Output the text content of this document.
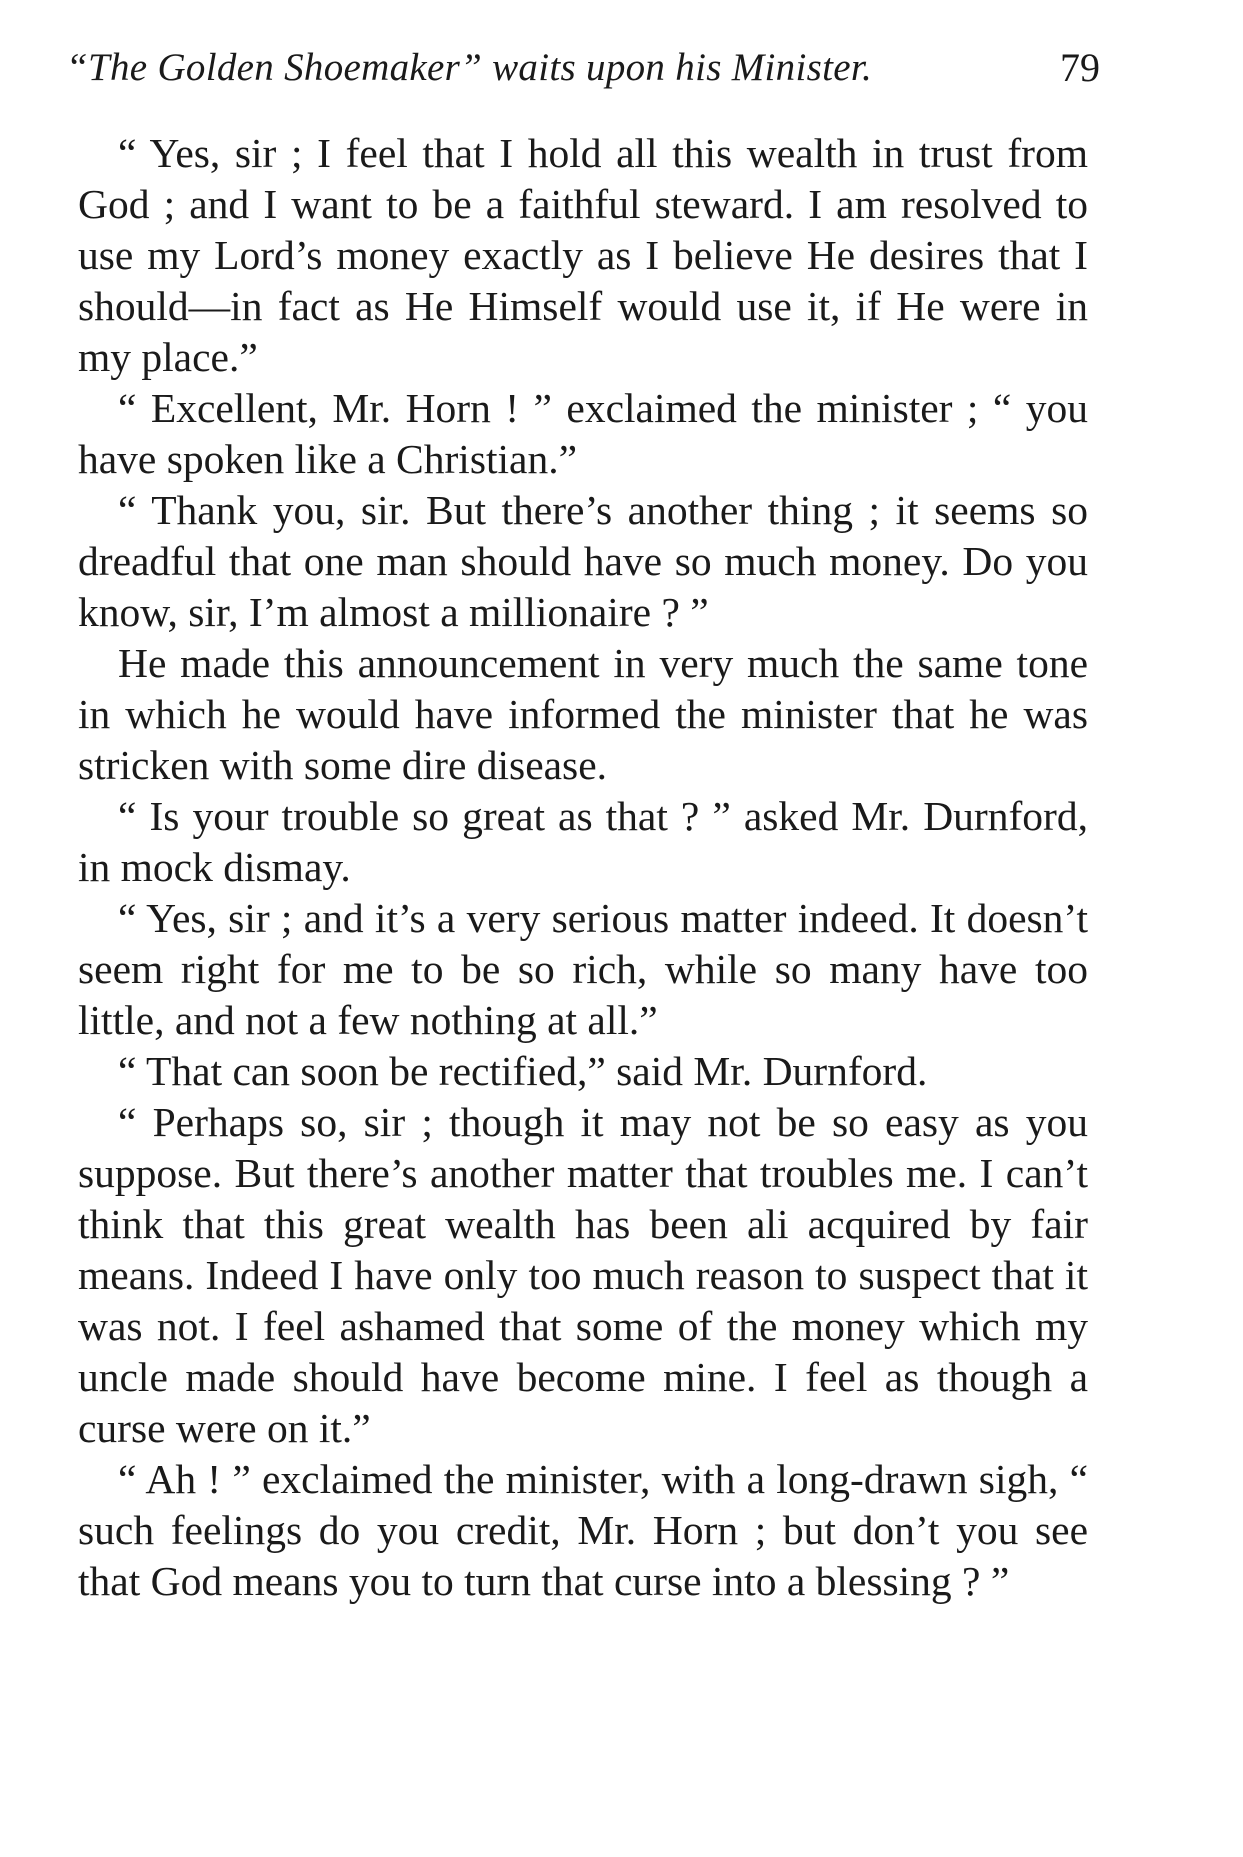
“The Golden Shoemaker” waits upon his Minister.	79

“ Yes, sir ; I feel that I hold all this wealth in trust from God ; and I want to be a faithful steward. I am resolved to use my Lord’s money exactly as I believe He desires that I should—in fact as He Himself would use it, if He were in my place.”

“ Excellent, Mr. Horn ! ” exclaimed the minister ; “ you have spoken like a Christian.”

“ Thank you, sir. But there’s another thing ; it seems so dreadful that one man should have so much money. Do you know, sir, I’m almost a millionaire ? ”

He made this announcement in very much the same tone in which he would have informed the minister that he was stricken with some dire disease.

“ Is your trouble so great as that ? ” asked Mr. Durnford, in mock dismay.

“ Yes, sir ; and it’s a very serious matter indeed. It doesn’t seem right for me to be so rich, while so many have too little, and not a few nothing at all.”

“ That can soon be rectified,” said Mr. Durnford.

“ Perhaps so, sir ; though it may not be so easy as you suppose. But there’s another matter that troubles me. I can’t think that this great wealth has been ali acquired by fair means. Indeed I have only too much reason to suspect that it was not. I feel ashamed that some of the money which my uncle made should have become mine. I feel as though a curse were on it.”

“ Ah ! ” exclaimed the minister, with a long-drawn sigh, “ such feelings do you credit, Mr. Horn ; but don’t you see that God means you to turn that curse into a blessing ? ”
